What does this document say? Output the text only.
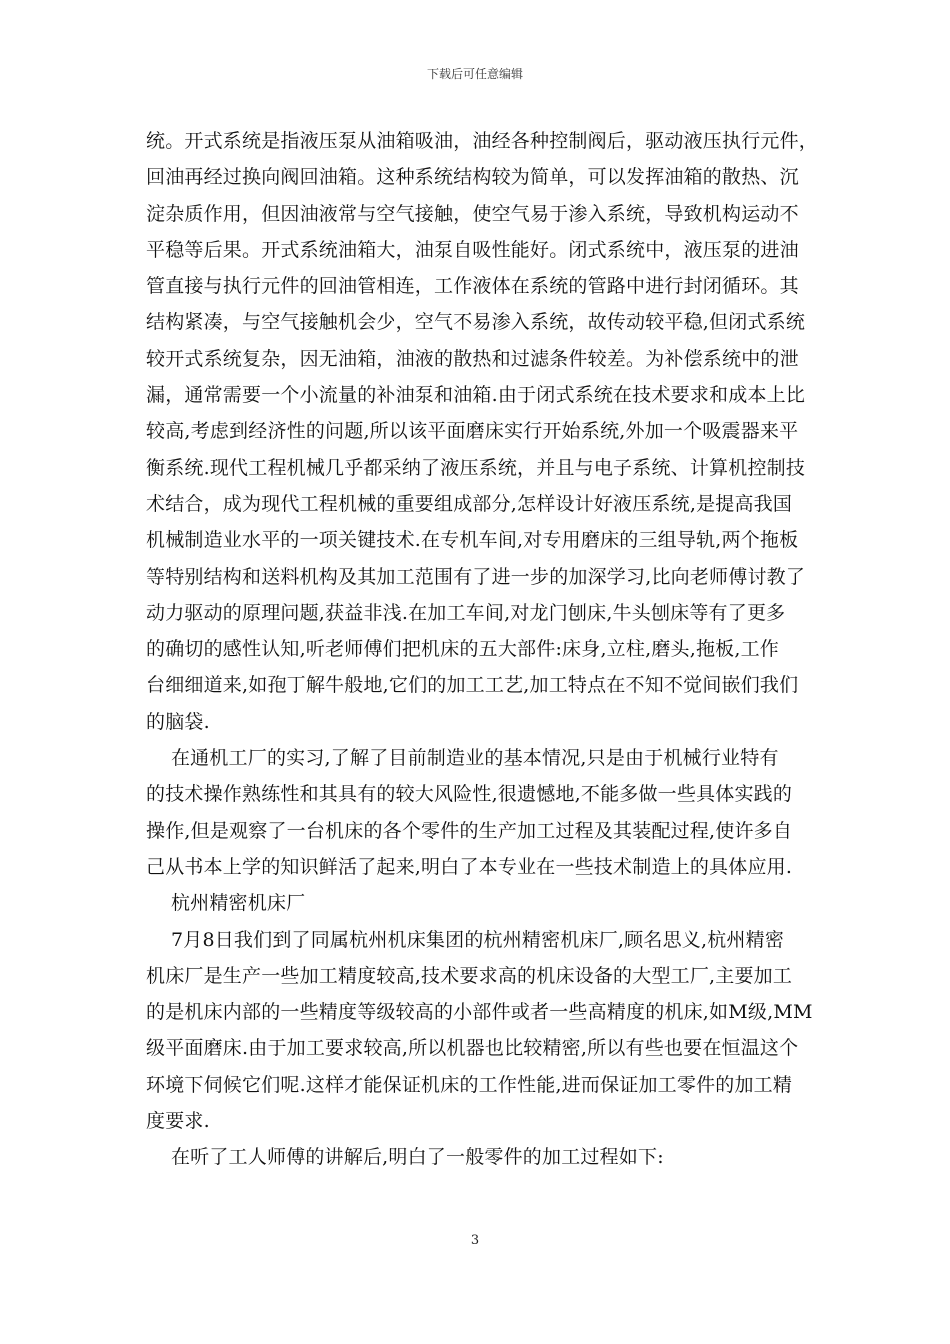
下载后可任意编辑
统。开式系统是指液压泵从油箱吸油，油经各种控制阀后，驱动液压执行元件，
回油再经过换向阀回油箱。这种系统结构较为简单，可以发挥油箱的散热、沉
淀杂质作用，但因油液常与空气接触，使空气易于渗入系统，导致机构运动不
平稳等后果。开式系统油箱大，油泵自吸性能好。闭式系统中，液压泵的进油
管直接与执行元件的回油管相连，工作液体在系统的管路中进行封闭循环。其
结构紧凑，与空气接触机会少，空气不易渗入系统，故传动较平稳,但闭式系统
较开式系统复杂，因无油箱，油液的散热和过滤条件较差。为补偿系统中的泄
漏，通常需要一个小流量的补油泵和油箱.由于闭式系统在技术要求和成本上比
较高,考虑到经济性的问题,所以该平面磨床实行开始系统,外加一个吸震器来平
衡系统.现代工程机械几乎都采纳了液压系统，并且与电子系统、计算机控制技
术结合，成为现代工程机械的重要组成部分,怎样设计好液压系统,是提高我国
机械制造业水平的一项关键技术.在专机车间,对专用磨床的三组导轨,两个拖板
等特别结构和送料机构及其加工范围有了进一步的加深学习,比向老师傅讨教了
动力驱动的原理问题,获益非浅.在加工车间,对龙门刨床,牛头刨床等有了更多
的确切的感性认知,听老师傅们把机床的五大部件:床身,立柱,磨头,拖板,工作
台细细道来,如孢丁解牛般地,它们的加工工艺,加工特点在不知不觉间嵌们我们
的脑袋.
在通机工厂的实习,了解了目前制造业的基本情况,只是由于机械行业特有
的技术操作熟练性和其具有的较大风险性,很遗憾地,不能多做一些具体实践的
操作,但是观察了一台机床的各个零件的生产加工过程及其装配过程,使许多自
己从书本上学的知识鲜活了起来,明白了本专业在一些技术制造上的具体应用.
杭州精密机床厂
7月8日我们到了同属杭州机床集团的杭州精密机床厂,顾名思义,杭州精密
机床厂是生产一些加工精度较高,技术要求高的机床设备的大型工厂,主要加工
的是机床内部的一些精度等级较高的小部件或者一些高精度的机床,如M级,MM
级平面磨床.由于加工要求较高,所以机器也比较精密,所以有些也要在恒温这个
环境下伺候它们呢.这样才能保证机床的工作性能,进而保证加工零件的加工精
度要求.
在听了工人师傅的讲解后,明白了一般零件的加工过程如下:
3
